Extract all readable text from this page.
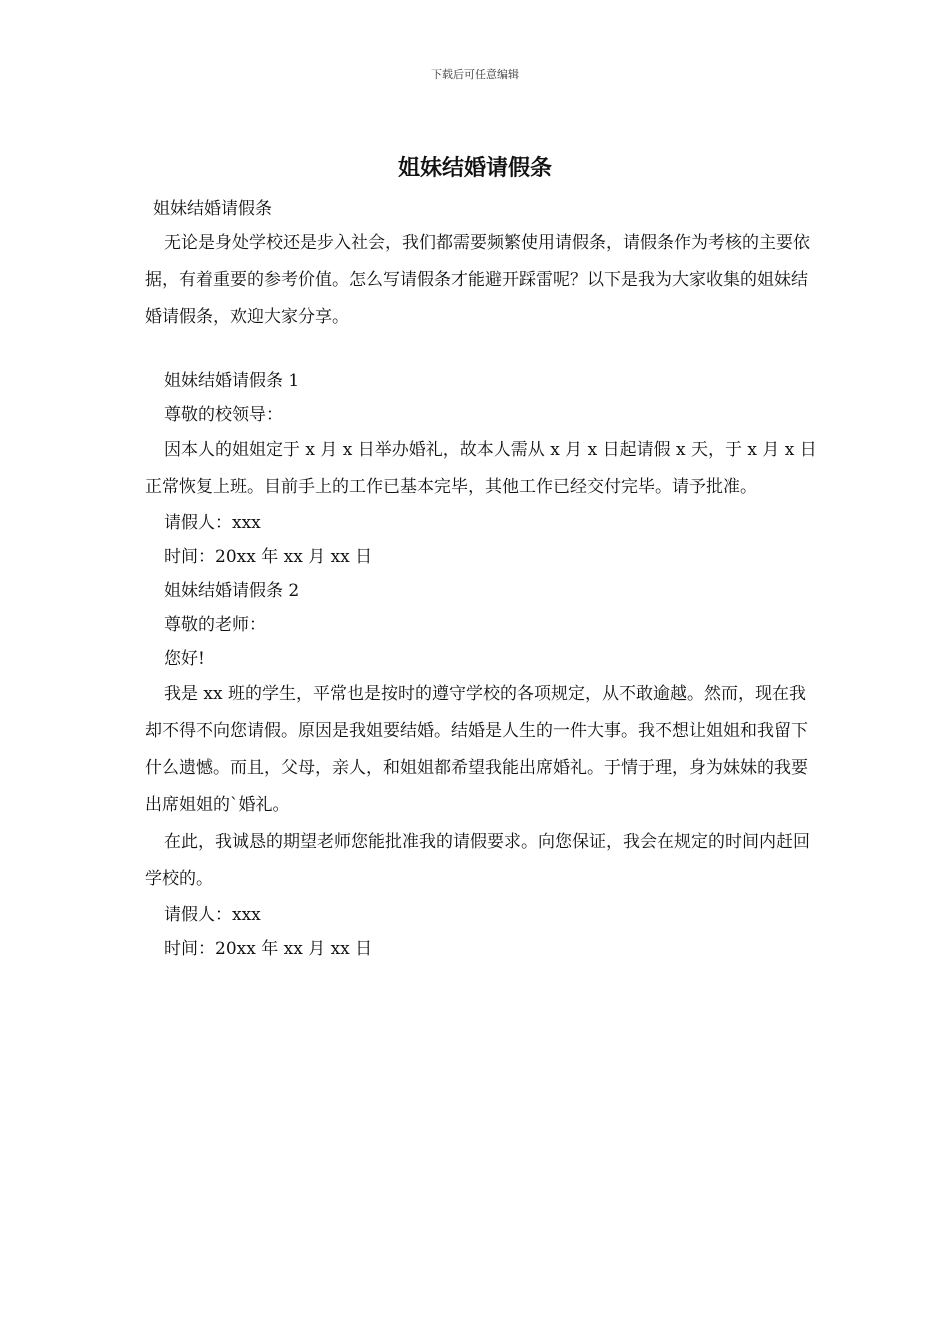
下载后可任意编辑
姐妹结婚请假条

姐妹结婚请假条

无论是身处学校还是步入社会，我们都需要频繁使用请假条，请假条作为考核的主要依据，有着重要的参考价值。怎么写请假条才能避开踩雷呢？以下是我为大家收集的姐妹结婚请假条，欢迎大家分享。

姐妹结婚请假条 1

尊敬的校领导：

因本人的姐姐定于 x 月 x 日举办婚礼，故本人需从 x 月 x 日起请假 x 天，于 x 月 x 日正常恢复上班。目前手上的工作已基本完毕，其他工作已经交付完毕。请予批准。

请假人：xxx

时间：20xx 年 xx 月 xx 日

姐妹结婚请假条 2

尊敬的老师：

您好!

我是 xx 班的学生，平常也是按时的遵守学校的各项规定，从不敢逾越。然而，现在我却不得不向您请假。原因是我姐要结婚。结婚是人生的一件大事。我不想让姐姐和我留下什么遗憾。而且，父母，亲人，和姐姐都希望我能出席婚礼。于情于理，身为妹妹的我要出席姐姐的`婚礼。

在此，我诚恳的期望老师您能批准我的请假要求。向您保证，我会在规定的时间内赶回学校的。

请假人：xxx

时间：20xx 年 xx 月 xx 日
